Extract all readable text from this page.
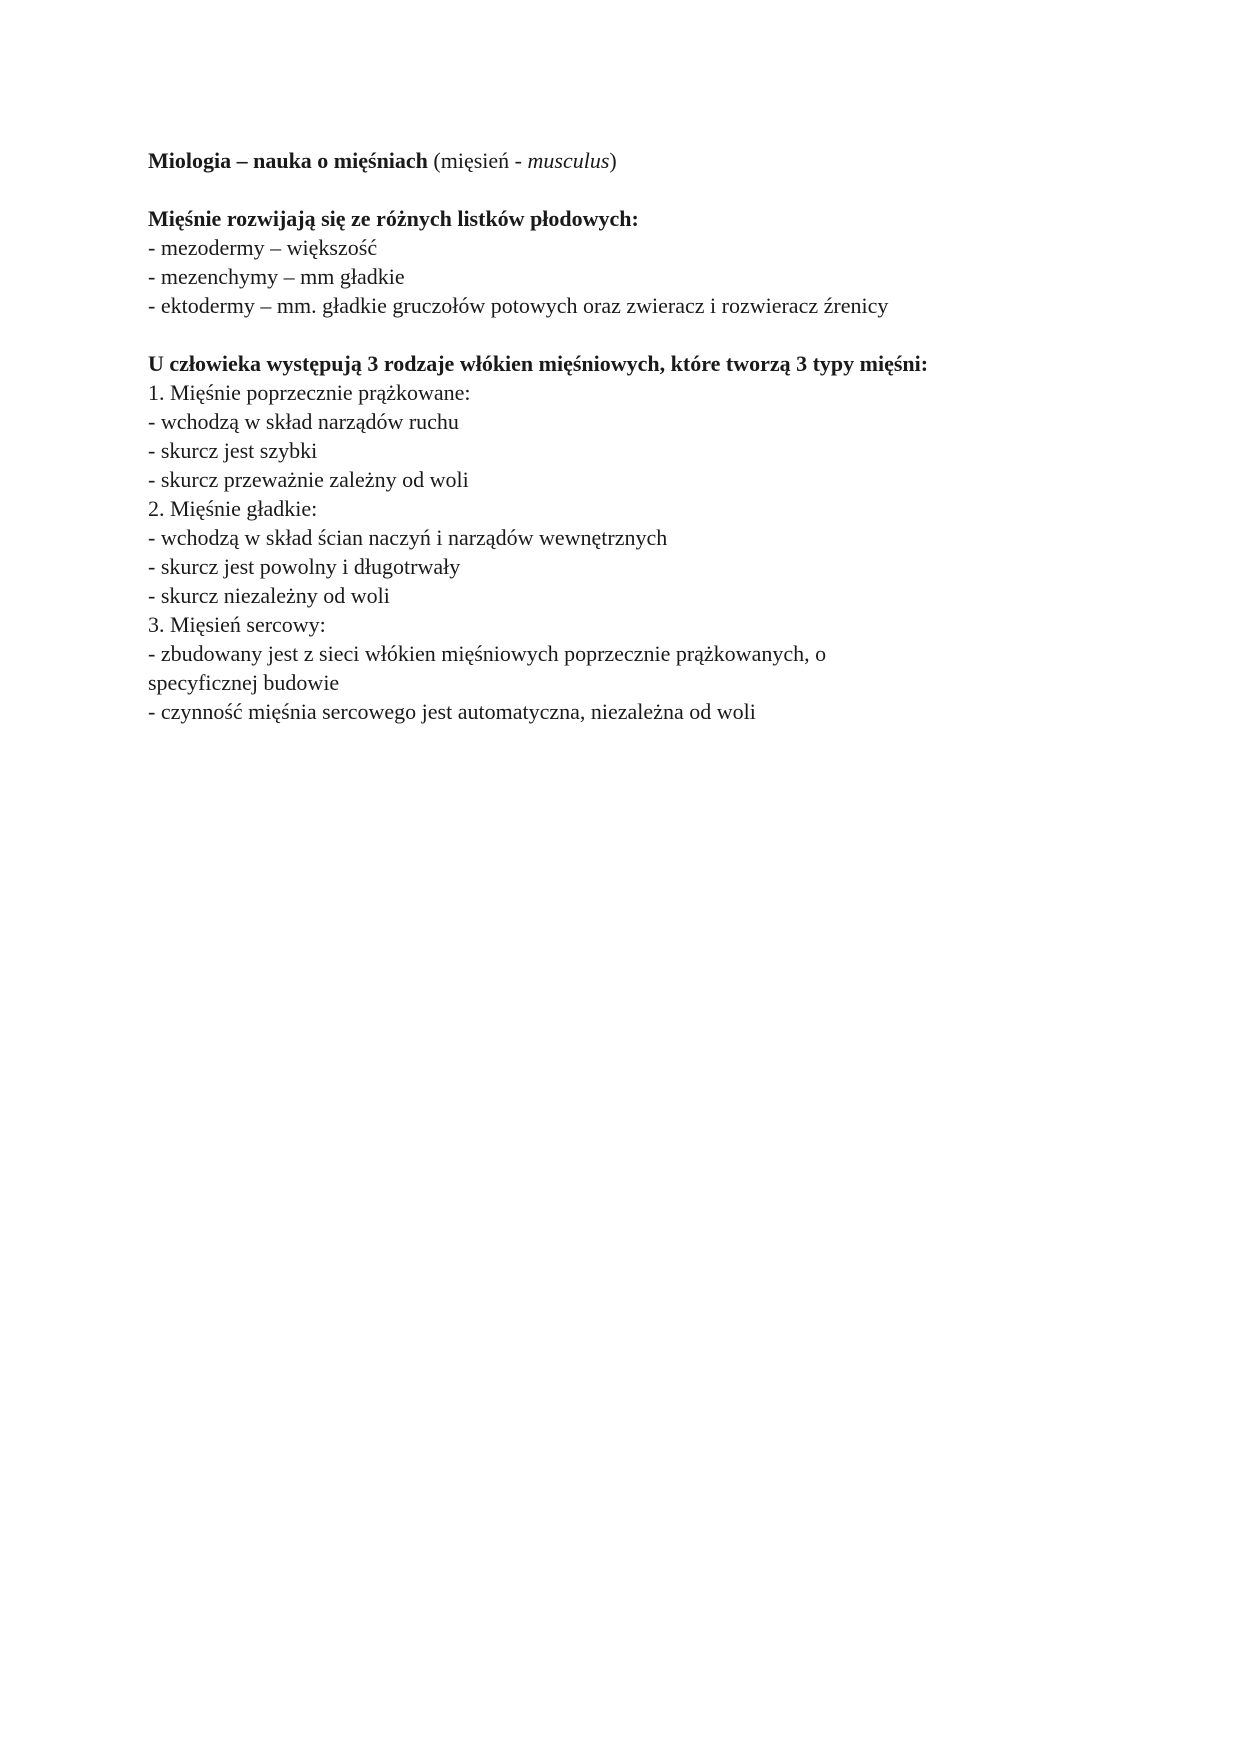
Miologia – nauka o mięśniach (mięsień - musculus)

Mięśnie rozwijają się ze różnych listków płodowych:

- mezodermy – większość

- mezenchymy – mm gładkie

- ektodermy – mm. gładkie gruczołów potowych oraz zwieracz i rozwieracz źrenicy

U człowieka występują 3 rodzaje włókien mięśniowych, które tworzą 3 typy mięśni:

1. Mięśnie poprzecznie prążkowane:

- wchodzą w skład narządów ruchu

- skurcz jest szybki

- skurcz przeważnie zależny od woli

2. Mięśnie gładkie:

- wchodzą w skład ścian naczyń i narządów wewnętrznych

- skurcz jest powolny i długotrwały

- skurcz niezależny od woli

3. Mięsień sercowy:

- zbudowany jest z sieci włókien mięśniowych poprzecznie prążkowanych, o specyficznej budowie

- czynność mięśnia sercowego jest automatyczna, niezależna od woli
